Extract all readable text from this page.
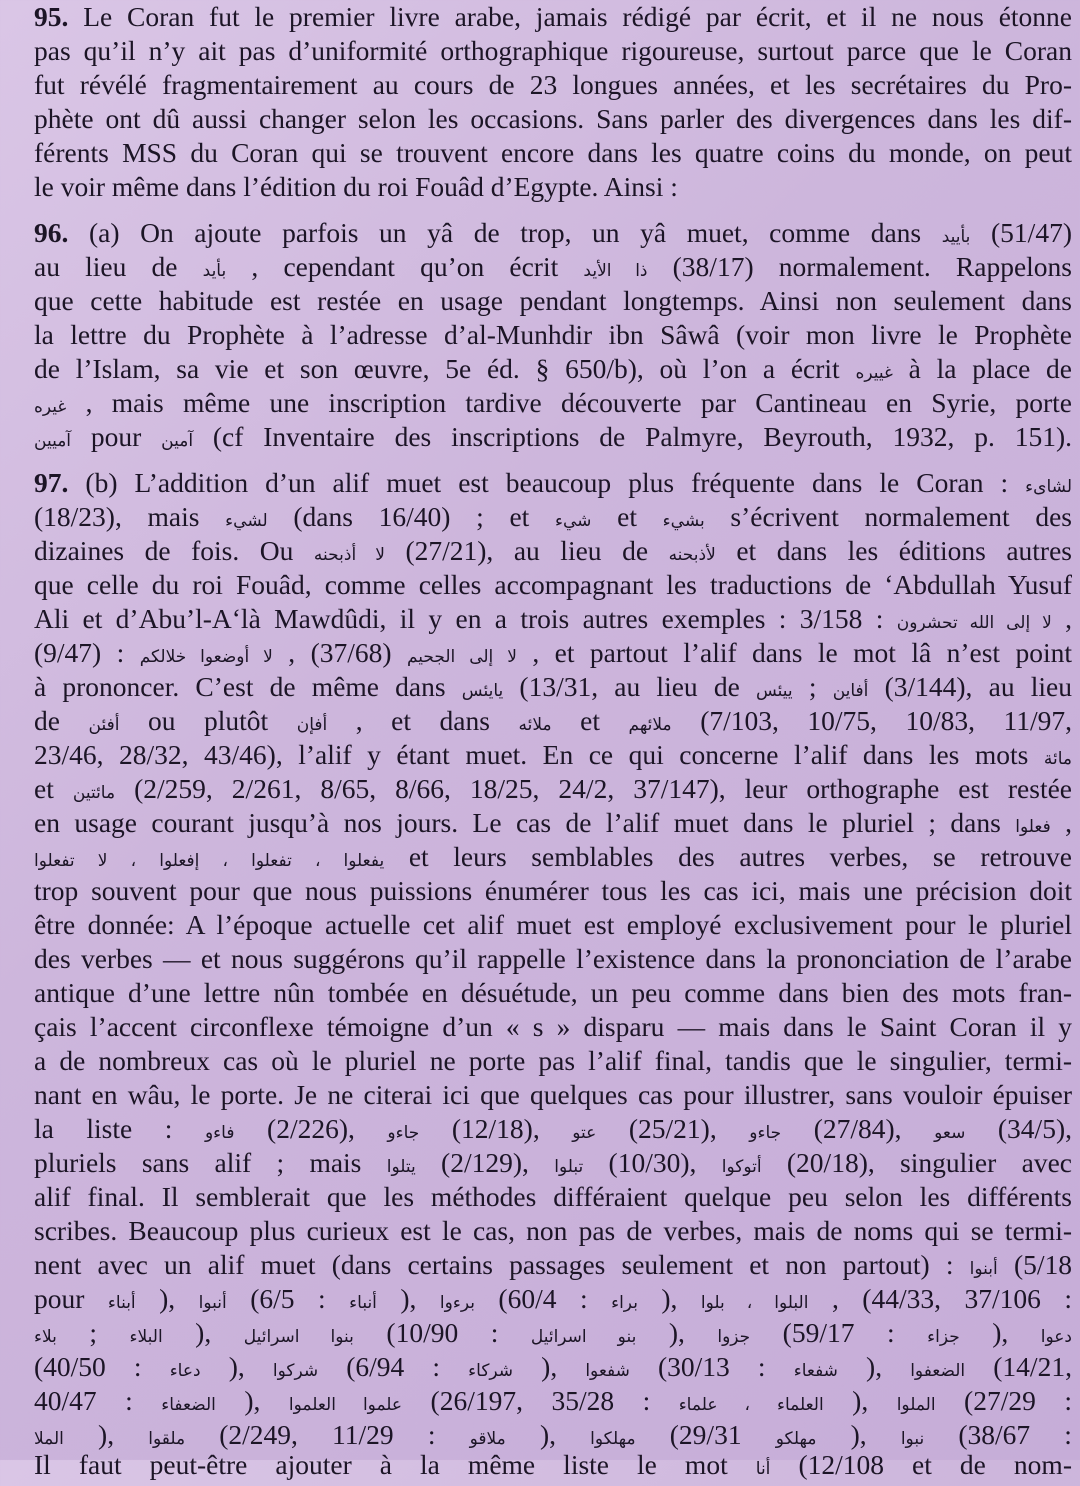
95. Le Coran fut le premier livre arabe, jamais rédigé par écrit, et il ne nous étonne
pas qu’il n’y ait pas d’uniformité orthographique rigoureuse, surtout parce que le Coran
fut révélé fragmentairement au cours de 23 longues années, et les secrétaires du Pro-
phète ont dû aussi changer selon les occasions. Sans parler des divergences dans les dif-
férents MSS du Coran qui se trouvent encore dans les quatre coins du monde, on peut
le voir même dans l’édition du roi Fouâd d’Egypte. Ainsi :
96. (a) On ajoute parfois un yâ de trop, un yâ muet, comme dans بأييد (51/47)
au lieu de بأيد , cependant qu’on écrit ذا الأيد (38/17) normalement. Rappelons
que cette habitude est restée en usage pendant longtemps. Ainsi non seulement dans
la lettre du Prophète à l’adresse d’al-Munhdir ibn Sâwâ (voir mon livre le Prophète
de l’Islam, sa vie et son œuvre, 5e éd. § 650/b), où l’on a écrit غييره à la place de
غيره , mais même une inscription tardive découverte par Cantineau en Syrie, porte
آميين pour آمين (cf Inventaire des inscriptions de Palmyre, Beyrouth, 1932, p. 151).
97. (b) L’addition d’un alif muet est beaucoup plus fréquente dans le Coran : لشاىء
(18/23), mais لشيء (dans 16/40) ; et شيء et بشيء s’écrivent normalement des
dizaines de fois. Ou لا أذبحنه (27/21), au lieu de لأذبحنه et dans les éditions autres
que celle du roi Fouâd, comme celles accompagnant les traductions de ‘Abdullah Yusuf
Ali et d’Abu’l-A‘là Mawdûdi, il y en a trois autres exemples : 3/158 : لا إلى الله تحشرون ,
(9/47) : لا أوضعوا خلالكم , (37/68) لا إلى الجحيم , et partout l’alif dans le mot lâ n’est point
à prononcer. C’est de même dans يايئس (13/31, au lieu de ييئس ; أفاين (3/144), au lieu
de أفئن ou plutôt أفإن , et dans ملائه et ملائهم (7/103, 10/75, 10/83, 11/97,
23/46, 28/32, 43/46), l’alif y étant muet. En ce qui concerne l’alif dans les mots مائة
et مائتين (2/259, 2/261, 8/65, 8/66, 18/25, 24/2, 37/147), leur orthographe est restée
en usage courant jusqu’à nos jours. Le cas de l’alif muet dans le pluriel ; dans فعلوا ,
يفعلوا ، تفعلوا ، إفعلوا ، لا تفعلوا et leurs semblables des autres verbes, se retrouve
trop souvent pour que nous puissions énumérer tous les cas ici, mais une précision doit
être donnée: A l’époque actuelle cet alif muet est employé exclusivement pour le pluriel
des verbes — et nous suggérons qu’il rappelle l’existence dans la prononciation de l’arabe
antique d’une lettre nûn tombée en désuétude, un peu comme dans bien des mots fran-
çais l’accent circonflexe témoigne d’un « s » disparu — mais dans le Saint Coran il y
a de nombreux cas où le pluriel ne porte pas l’alif final, tandis que le singulier, termi-
nant en wâu, le porte. Je ne citerai ici que quelques cas pour illustrer, sans vouloir épuiser
la liste : فاءو (2/226), جاءو (12/18), عتو (25/21), جاءو (27/84), سعو (34/5),
pluriels sans alif ; mais يتلوا (2/129), تبلوا (10/30), أتوكوا (20/18), singulier avec
alif final. Il semblerait que les méthodes différaient quelque peu selon les différents
scribes. Beaucoup plus curieux est le cas, non pas de verbes, mais de noms qui se termi-
nent avec un alif muet (dans certains passages seulement et non partout) : أبنوا (5/18
pour أبناء ), أنبوا (6/5 : أنباء ), برءوا (60/4 : براء ), البلوا ، بلوا , (44/33, 37/106 :
بلاء ; البلاء ), بنوا اسرائيل (10/90 : بنو اسرائيل ), جزوا (59/17 : جزاء ), دعوا
(40/50 : دعاء ), شركوا (6/94 : شركاء ), شفعوا (30/13 : شفعاء ), الضعفوا (14/21,
40/47 : الضعفاء ), علموا العلموا (26/197, 35/28 : العلماء ، علماء ), الملوا (27/29 :
الملا ), ملقوا (2/249, 11/29 : ملاقو ), مهلكوا (29/31 مهلكو ), نبوا (38/67 :
Il faut peut-être ajouter à la même liste le mot أنا (12/108 et de nom-
